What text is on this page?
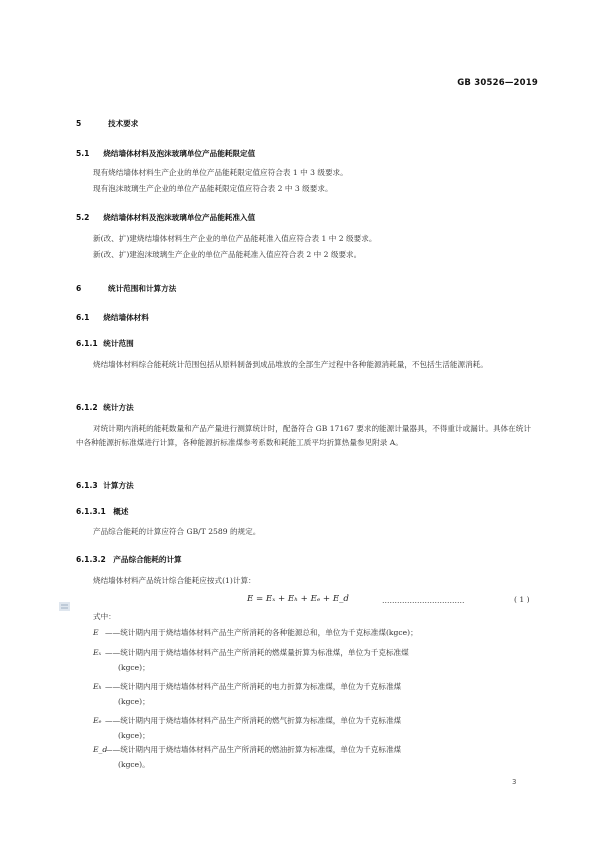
GB 30526—2019
5	技术要求
5.1 烧结墙体材料及泡沫玻璃单位产品能耗限定值
现有烧结墙体材料生产企业的单位产品能耗限定值应符合表 1 中 3 级要求。
现有泡沫玻璃生产企业的单位产品能耗限定值应符合表 2 中 3 级要求。
5.2 烧结墙体材料及泡沫玻璃单位产品能耗准入值
新(改、扩)建烧结墙体材料生产企业的单位产品能耗准入值应符合表 1 中 2 级要求。
新(改、扩)建泡沫玻璃生产企业的单位产品能耗准入值应符合表 2 中 2 级要求。
6	统计范围和计算方法
6.1 烧结墙体材料
6.1.1 统计范围
烧结墙体材料综合能耗统计范围包括从原料制备到成品堆放的全部生产过程中各种能源消耗量，不包括生活能源消耗。
6.1.2 统计方法
对统计期内消耗的能耗数量和产品产量进行测算统计时，配备符合 GB 17167 要求的能源计量器具，不得重计或漏计。具体在统计中各种能源折标准煤进行计算，各种能源折标准煤参考系数和耗能工质平均折算热量参见附录 A。
6.1.3 计算方法
6.1.3.1 概述
产品综合能耗的计算应符合 GB/T 2589 的规定。
6.1.3.2 产品综合能耗的计算
烧结墙体材料产品统计综合能耗应按式(1)计算：
E = Eₓ + Eₕ + Eₑ + E_d	……………………………	( 1 )
式中：
E ——统计期内用于烧结墙体材料产品生产所消耗的各种能源总和，单位为千克标准煤(kgce)；
Eₓ ——统计期内用于烧结墙体材料产品生产所消耗的燃煤量折算为标准煤，单位为千克标准煤
(kgce)；
Eₕ ——统计期内用于烧结墙体材料产品生产所消耗的电力折算为标准煤，单位为千克标准煤
(kgce)；
Eₑ ——统计期内用于烧结墙体材料产品生产所消耗的燃气折算为标准煤，单位为千克标准煤
(kgce)；
E_d——统计期内用于烧结墙体材料产品生产所消耗的燃油折算为标准煤，单位为千克标准煤
(kgce)。
3
